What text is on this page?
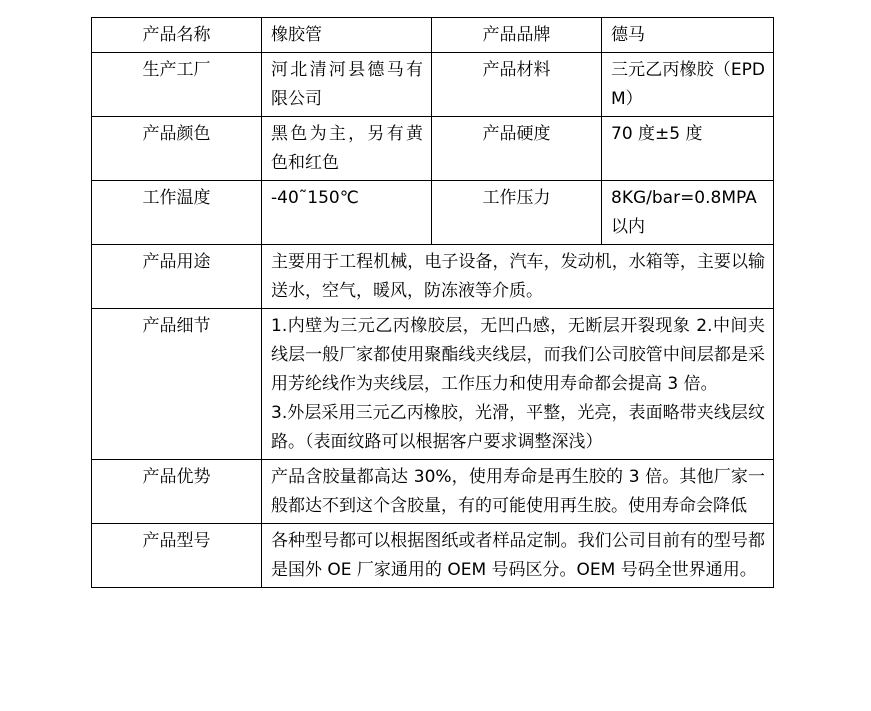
产品名称	橡胶管	产品品牌	德马
生产工厂	河北清河县德马有限公司	产品材料	三元乙丙橡胶（EPDM）
产品颜色	黑色为主，另有黄色和红色	产品硬度	70 度±5 度
工作温度	-40˜150℃	工作压力	8KG/bar=0.8MPA 以内
产品用途	主要用于工程机械，电子设备，汽车，发动机，水箱等，主要以输送水，空气，暖风，防冻液等介质。		
产品细节	1.内壁为三元乙丙橡胶层，无凹凸感，无断层开裂现象 2.中间夹线层一般厂家都使用聚酯线夹线层，而我们公司胶管中间层都是采用芳纶线作为夹线层，工作压力和使用寿命都会提高 3 倍。
3.外层采用三元乙丙橡胶，光滑，平整，光亮，表面略带夹线层纹路。（表面纹路可以根据客户要求调整深浅）		

产品优势	产品含胶量都高达 30%，使用寿命是再生胶的 3 倍。其他厂家一般都达不到这个含胶量，有的可能使用再生胶。使用寿命会降低		
产品型号	各种型号都可以根据图纸或者样品定制。我们公司目前有的型号都是国外 OE 厂家通用的 OEM 号码区分。OEM 号码全世界通用。		
